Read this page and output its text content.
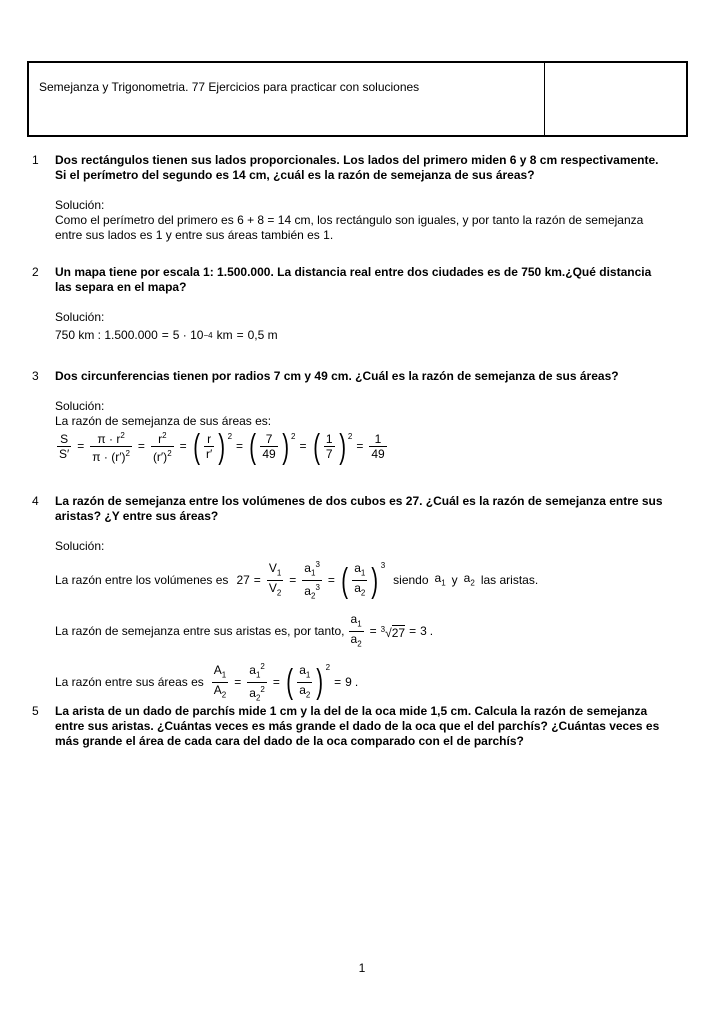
Semejanza y Trigonometria. 77 Ejercicios para practicar con soluciones
1 Dos rectángulos tienen sus lados proporcionales. Los lados del primero miden 6 y 8 cm respectivamente.
Si el perímetro del segundo es 14 cm, ¿cuál es la razón de semejanza de sus áreas?
Solución:
Como el perímetro del primero es 6 + 8 = 14 cm, los rectángulo son iguales, y por tanto la razón de semejanza
entre sus lados es 1 y entre sus áreas también es 1.
2 Un mapa tiene por escala 1: 1.500.000. La distancia real entre dos ciudades es de 750 km.¿Qué distancia
las separa en el mapa?
Solución:
750 km : 1.500.000 = 5 · 10 −4 km = 0,5 m
3 Dos circunferencias tienen por radios 7 cm y 49 cm. ¿Cuál es la razón de semejanza de sus áreas?
Solución:
La razón de semejanza de sus áreas es:
$\frac{S}{S'} = \frac{\pi \cdot r^2}{\pi \cdot (r')^2} = \frac{r^2}{(r')^2}$ = ( $\frac{r}{r'}$ ) 2
= ( $\frac{7}{49}$ ) 2
= ( $\frac{1}{7}$ ) 2
= $\frac{1}{49}$
4 La razón de semejanza entre los volúmenes de dos cubos es 27. ¿Cuál es la razón de semejanza entre sus
aristas? ¿Y entre sus áreas?
Solución:
La razón entre los volúmenes es $27 = \frac{V_1}{V_2} = \frac{a_1^3}{a_2^3}$ = ( $\frac{a_1}{a_2}$ ) 3
siendo $a_1$ y $a_2$ las aristas.
La razón de semejanza entre sus aristas es, por tanto, $\frac{a_1}{a_2} = ^3√27 = 3$ .
La razón entre sus áreas es $\frac{A_1}{A_2} = \frac{a_1^2}{a_2^2}$ = ( $\frac{a_1}{a_2}$ ) 2
= 9 .
5 La arista de un dado de parchís mide 1 cm y la del de la oca mide 1,5 cm. Calcula la razón de semejanza
entre sus aristas. ¿Cuántas veces es más grande el dado de la oca que el del parchís? ¿Cuántas veces es
más grande el área de cada cara del dado de la oca comparado con el de parchís?
1
